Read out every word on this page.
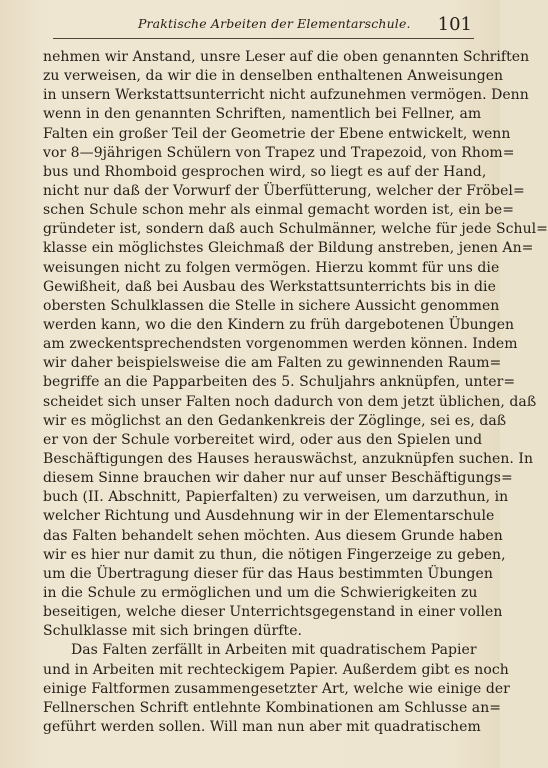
Praktische Arbeiten der Elementarschule. 101
nehmen wir Anstand, unsre Leser auf die oben genannten Schriften
zu verweisen, da wir die in denselben enthaltenen Anweisungen
in unsern Werkstattsunterricht nicht aufzunehmen vermögen. Denn
wenn in den genannten Schriften, namentlich bei Fellner, am
Falten ein großer Teil der Geometrie der Ebene entwickelt, wenn
vor 8—9jährigen Schülern von Trapez und Trapezoid, von Rhom=
bus und Rhomboid gesprochen wird, so liegt es auf der Hand,
nicht nur daß der Vorwurf der Überfütterung, welcher der Fröbel=
schen Schule schon mehr als einmal gemacht worden ist, ein be=
gründeter ist, sondern daß auch Schulmänner, welche für jede Schul=
klasse ein möglichstes Gleichmaß der Bildung anstreben, jenen An=
weisungen nicht zu folgen vermögen. Hierzu kommt für uns die
Gewißheit, daß bei Ausbau des Werkstattsunterrichts bis in die
obersten Schulklassen die Stelle in sichere Aussicht genommen
werden kann, wo die den Kindern zu früh dargebotenen Übungen
am zweckentsprechendsten vorgenommen werden können. Indem
wir daher beispielsweise die am Falten zu gewinnenden Raum=
begriffe an die Papparbeiten des 5. Schuljahrs anknüpfen, unter=
scheidet sich unser Falten noch dadurch von dem jetzt üblichen, daß
wir es möglichst an den Gedankenkreis der Zöglinge, sei es, daß
er von der Schule vorbereitet wird, oder aus den Spielen und
Beschäftigungen des Hauses herauswächst, anzuknüpfen suchen. In
diesem Sinne brauchen wir daher nur auf unser Beschäftigungs=
buch (II. Abschnitt, Papierfalten) zu verweisen, um darzuthun, in
welcher Richtung und Ausdehnung wir in der Elementarschule
das Falten behandelt sehen möchten. Aus diesem Grunde haben
wir es hier nur damit zu thun, die nötigen Fingerzeige zu geben,
um die Übertragung dieser für das Haus bestimmten Übungen
in die Schule zu ermöglichen und um die Schwierigkeiten zu
beseitigen, welche dieser Unterrichtsgegenstand in einer vollen
Schulklasse mit sich bringen dürfte.
Das Falten zerfällt in Arbeiten mit quadratischem Papier
und in Arbeiten mit rechteckigem Papier. Außerdem gibt es noch
einige Faltformen zusammengesetzter Art, welche wie einige der
Fellnerschen Schrift entlehnte Kombinationen am Schlusse an=
geführt werden sollen. Will man nun aber mit quadratischem
